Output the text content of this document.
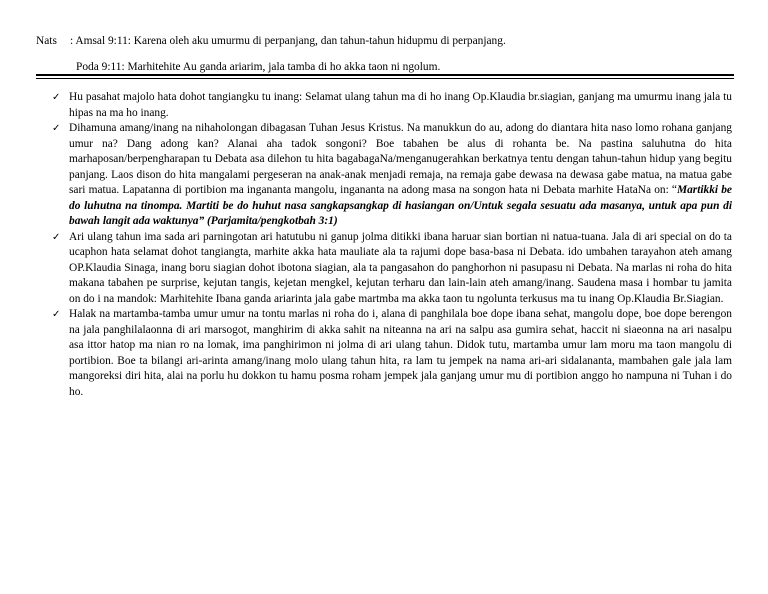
Nats : Amsal 9:11: Karena oleh aku umurmu di perpanjang, dan tahun-tahun hidupmu di perpanjang.
Poda 9:11: Marhitehite Au ganda ariarim, jala tamba di ho akka taon ni ngolum.
✓ Hu pasahat majolo hata dohot tangiangku tu inang: Selamat ulang tahun ma di ho inang Op.Klaudia br.siagian, ganjang ma umurmu inang jala tu hipas na ma ho inang.
✓ Dihamuna amang/inang na nihaholongan dibagasan Tuhan Jesus Kristus. Na manukkun do au, adong do diantara hita naso lomo rohana ganjang umur na? Dang adong kan? Alanai aha tadok songoni? Boe tabahen be alus di rohanta be. Na pastina saluhutna do hita marhaposan/berpengharapan tu Debata asa dilehon tu hita bagabagaNa/menganugerahkan berkatnya tentu dengan tahun-tahun hidup yang begitu panjang. Laos dison do hita mangalami pergeseran na anak-anak menjadi remaja, na remaja gabe dewasa na dewasa gabe matua, na matua gabe sari matua. Lapatanna di portibion ma ingananta mangolu, ingananta na adong masa na songon hata ni Debata marhite HataNa on: “Martikki be do luhutna na tinompa. Martiti be do huhut nasa sangkapsangkap di hasiangan on/Untuk segala sesuatu ada masanya, untuk apa pun di bawah langit ada waktunya” (Parjamita/pengkotbah 3:1)
✓ Ari ulang tahun ima sada ari parningotan ari hatutubu ni ganup jolma ditikki ibana haruar sian bortian ni natua-tuana. Jala di ari special on do ta ucaphon hata selamat dohot tangiangta, marhite akka hata mauliate ala ta rajumi dope basa-basa ni Debata. ido umbahen tarayahon ateh amang OP.Klaudia Sinaga, inang boru siagian dohot ibotona siagian, ala ta pangasahon do panghorhon ni pasupasu ni Debata. Na marlas ni roha do hita makana tabahen pe surprise, kejutan tangis, kejetan mengkel, kejutan terharu dan lain-lain ateh amang/inang. Saudena masa i hombar tu jamita on do i na mandok: Marhitehite Ibana ganda ariarinta jala gabe martmba ma akka taon tu ngolunta terkusus ma tu inang Op.Klaudia Br.Siagian.
✓ Halak na martamba-tamba umur umur na tontu marlas ni roha do i, alana di panghilala boe dope ibana sehat, mangolu dope, boe dope berengon na jala panghilalaonna di ari marsogot, manghirim di akka sahit na niteanna na ari na salpu asa gumira sehat, haccit ni siaeonna na ari nasalpu asa ittor hatop ma nian ro na lomak, ima panghirimon ni jolma di ari ulang tahun. Didok tutu, martamba umur lam moru ma taon mangolu di portibion. Boe ta bilangi ari-arinta amang/inang molo ulang tahun hita, ra lam tu jempek na nama ari-ari sidalananta, mambahen gale jala lam mangoreksi diri hita, alai na porlu hu dokkon tu hamu posma roham jempek jala ganjang umur mu di portibion anggo ho nampuna ni Tuhan i do ho.
